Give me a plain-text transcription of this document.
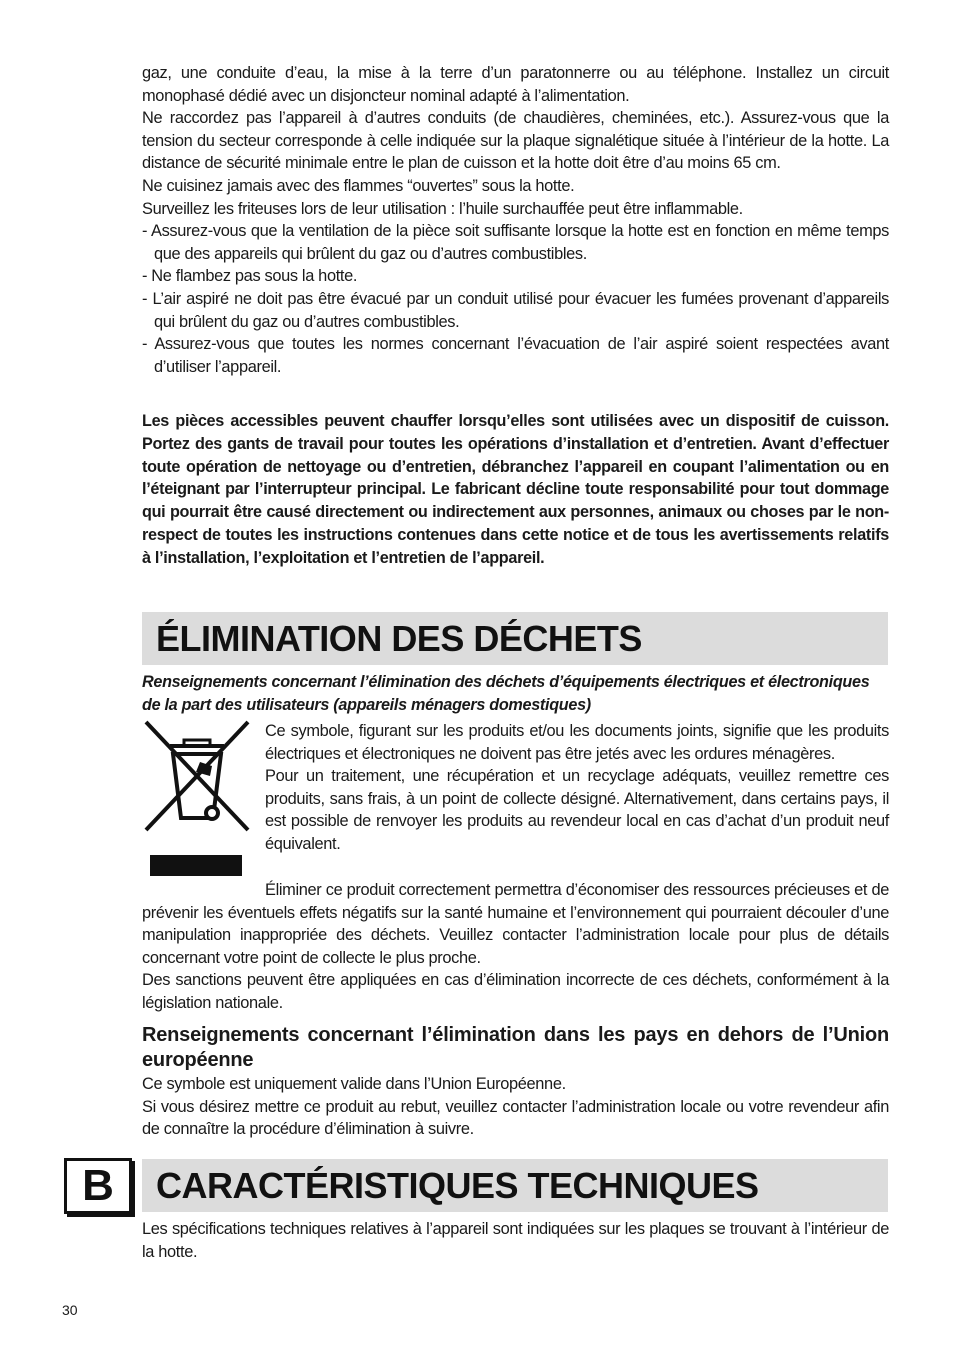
gaz, une conduite d’eau, la mise à la terre d’un paratonnerre ou au téléphone. Installez un circuit monophasé dédié avec un disjoncteur nominal adapté à l’alimentation.

Ne raccordez pas l’appareil à d’autres conduits (de chaudières, cheminées, etc.). Assurez-vous que la tension du secteur corresponde à celle indiquée sur la plaque signalétique située à l’intérieur de la hotte. La distance de sécurité minimale entre le plan de cuisson et la hotte doit être d’au moins 65 cm.

Ne cuisinez jamais avec des flammes “ouvertes” sous la hotte.

Surveillez les friteuses lors de leur utilisation : l’huile surchauffée peut être inflammable.

- Assurez-vous que la ventilation de la pièce soit suffisante lorsque la hotte est en fonction en même temps que des appareils qui brûlent du gaz ou d’autres combustibles.

- Ne flambez pas sous la hotte.

- L’air aspiré ne doit pas être évacué par un conduit utilisé pour évacuer les fumées provenant d’appareils qui brûlent du gaz ou d’autres combustibles.

- Assurez-vous que toutes les normes concernant l’évacuation de l’air aspiré soient respectées avant d’utiliser l’appareil.

Les pièces accessibles peuvent chauffer lorsqu’elles sont utilisées avec un dispositif de cuisson. Portez des gants de travail pour toutes les opérations d’installation et d’entretien. Avant d’effectuer toute opération de nettoyage ou d’entretien, débranchez l’appareil en coupant l’alimentation ou en l’éteignant par l’interrupteur principal. Le fabricant décline toute responsabilité pour tout dommage qui pourrait être causé directement ou indirectement aux personnes, animaux ou choses par le non-respect de toutes les instructions contenues dans cette notice et de tous les avertissements relatifs à l’installation, l’exploitation et l’entretien de l’appareil.

ÉLIMINATION DES DÉCHETS

Renseignements concernant l’élimination des déchets d’équipements électriques et électroniques de la part des utilisateurs (appareils ménagers domestiques)

Ce symbole, figurant sur les produits et/ou les documents joints, signifie que les produits électriques et électroniques ne doivent pas être jetés avec les ordures ménagères.

Pour un traitement, une récupération et un recyclage adéquats, veuillez remettre ces produits, sans frais, à un point de collecte désigné. Alternativement, dans certains pays, il est possible de renvoyer les produits au revendeur local en cas d’achat d’un produit neuf équivalent.

Éliminer ce produit correctement permettra d’économiser des ressources précieuses et de prévenir les éventuels effets négatifs sur la santé humaine et l’environnement qui pourraient découler d’une manipulation inappropriée des déchets. Veuillez contacter l’administration locale pour plus de détails concernant votre point de collecte le plus proche.

Des sanctions peuvent être appliquées en cas d’élimination incorrecte de ces déchets, conformément à la législation nationale.

Renseignements concernant l’élimination dans les pays en dehors de l’Union européenne

Ce symbole est uniquement valide dans l’Union Européenne.

Si vous désirez mettre ce produit au rebut, veuillez contacter l’administration locale ou votre revendeur afin de connaître la procédure d’élimination à suivre.

B	CARACTÉRISTIQUES TECHNIQUES

Les spécifications techniques relatives à l’appareil sont indiquées sur les plaques se trouvant à l’intérieur de la hotte.

30
